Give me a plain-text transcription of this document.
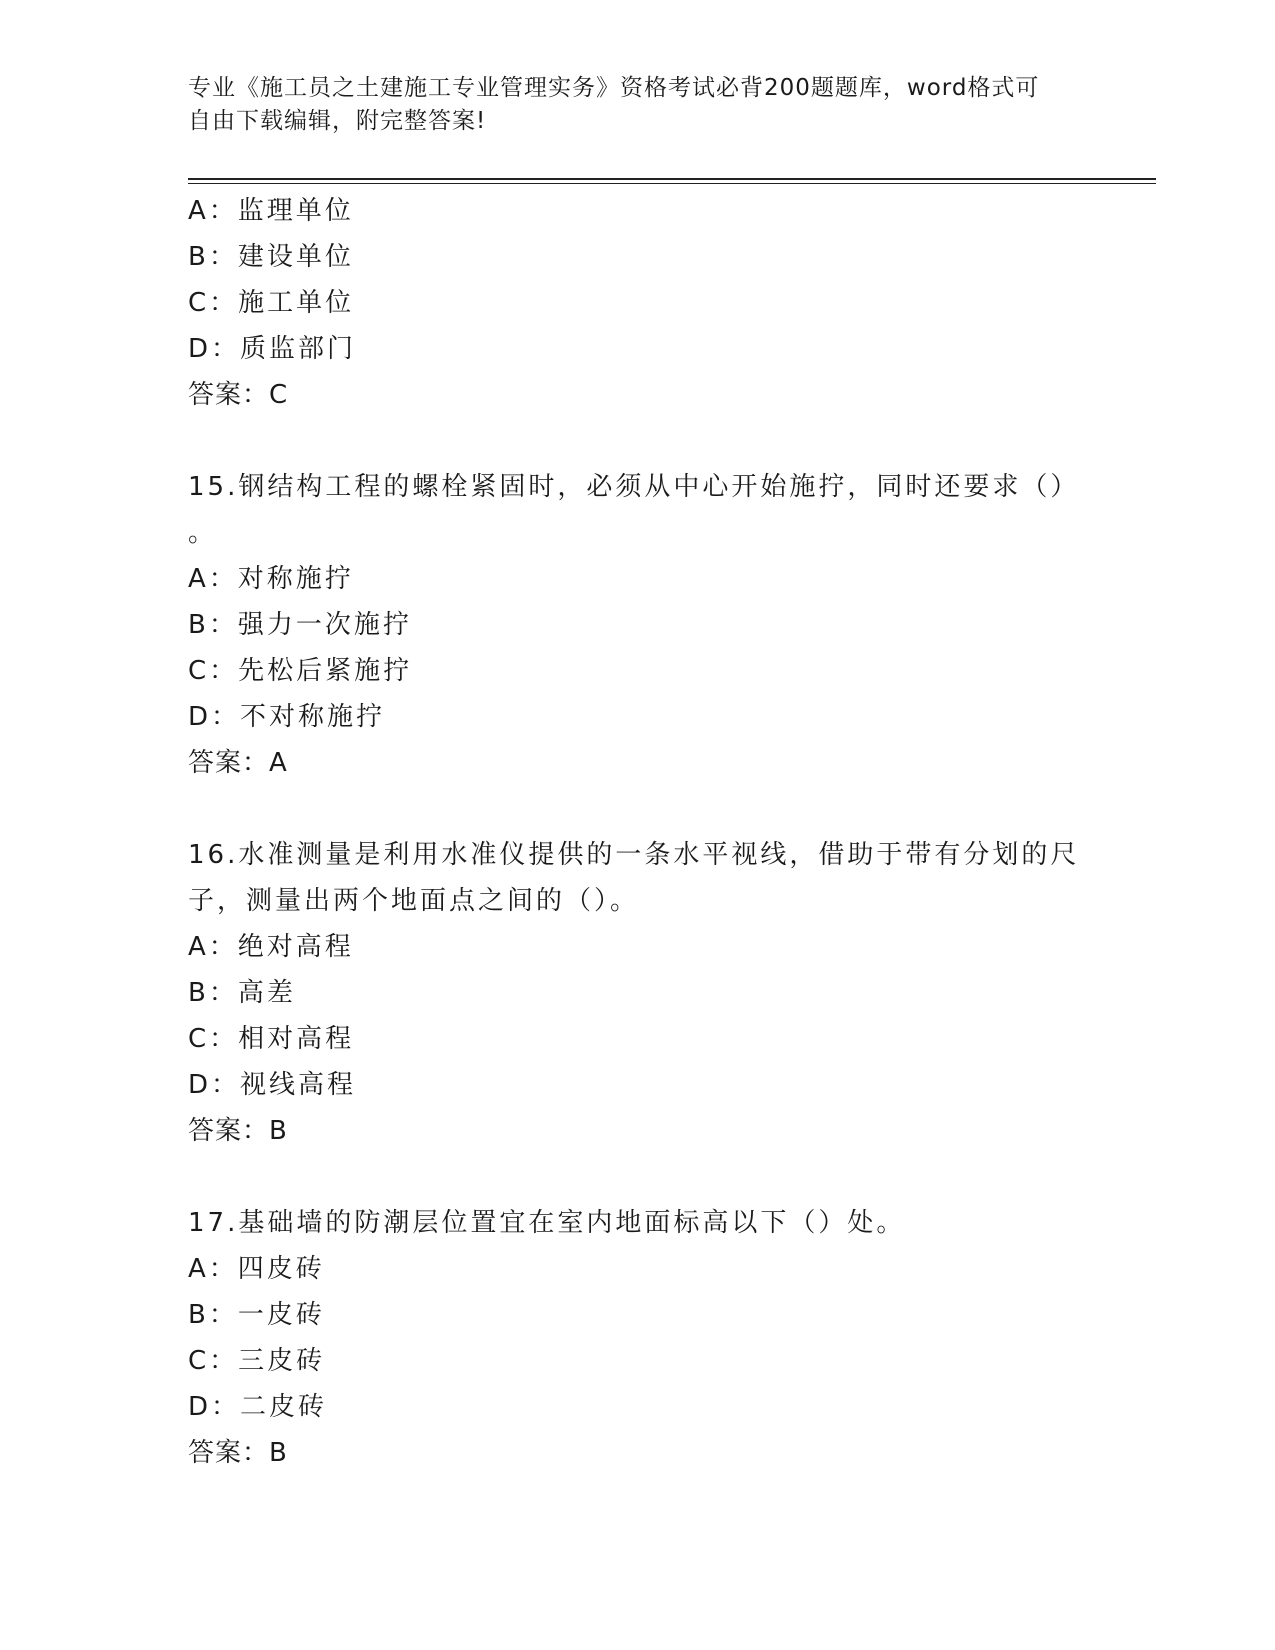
专业《施工员之土建施工专业管理实务》资格考试必背200题题库，word格式可
自由下载编辑，附完整答案!
A：监理单位
B：建设单位
C：施工单位
D：质监部门
答案：C
15.钢结构工程的螺栓紧固时，必须从中心开始施拧，同时还要求（）
。
A：对称施拧
B：强力一次施拧
C：先松后紧施拧
D：不对称施拧
答案：A
16.水准测量是利用水准仪提供的一条水平视线，借助于带有分划的尺
子，测量出两个地面点之间的（）。
A：绝对高程
B：高差
C：相对高程
D：视线高程
答案：B
17.基础墙的防潮层位置宜在室内地面标高以下（）处。
A：四皮砖
B：一皮砖
C：三皮砖
D：二皮砖
答案：B
